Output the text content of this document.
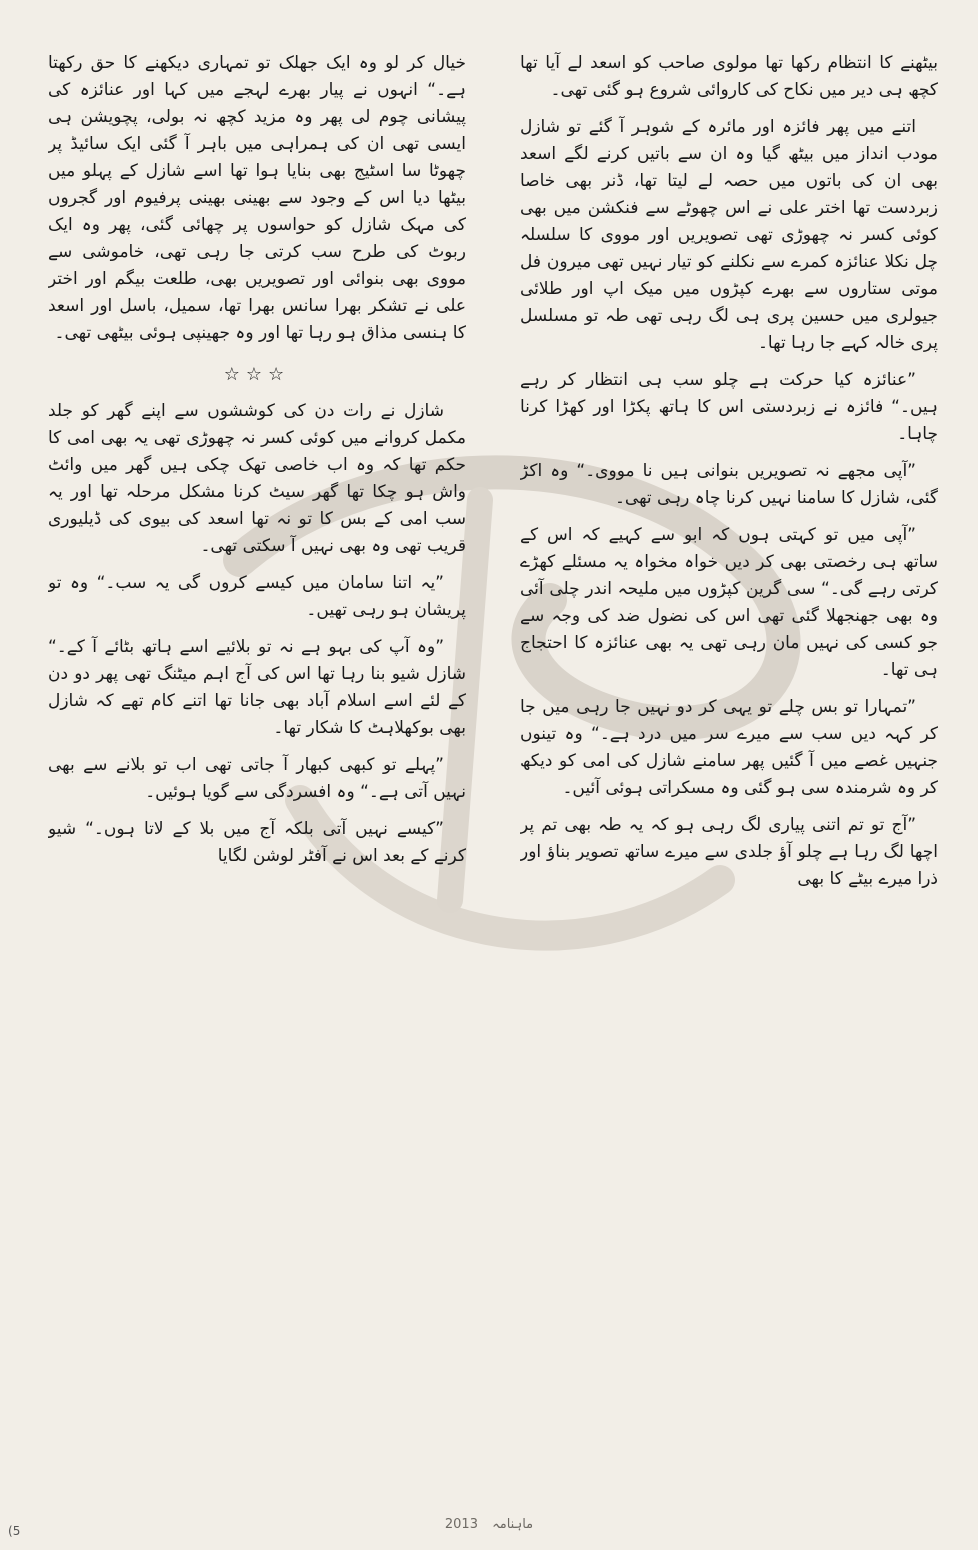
بیٹھنے کا انتظام رکھا تھا مولوی صاحب کو اسعد لے آیا تھا کچھ ہی دیر میں نکاح کی کاروائی شروع ہو گئی تھی۔

اتنے میں پھر فائزہ اور مائرہ کے شوہر آ گئے تو شازل مودب انداز میں بیٹھ گیا وہ ان سے باتیں کرنے لگے اسعد بھی ان کی باتوں میں حصہ لے لیتا تھا، ڈنر بھی خاصا زبردست تھا اختر علی نے اس چھوٹے سے فنکشن میں بھی کوئی کسر نہ چھوڑی تھی تصویریں اور مووی کا سلسلہ چل نکلا عنائزہ کمرے سے نکلنے کو تیار نہیں تھی میرون فل موتی ستاروں سے بھرے کپڑوں میں میک اپ اور طلائی جیولری میں حسین پری ہی لگ رہی تھی طہ تو مسلسل پری خالہ کہے جا رہا تھا۔

”عنائزہ کیا حرکت ہے چلو سب ہی انتظار کر رہے ہیں۔“ فائزہ نے زبردستی اس کا ہاتھ پکڑا اور کھڑا کرنا چاہا۔

”آپی مجھے نہ تصویریں بنوانی ہیں نا مووی۔“ وہ اکڑ گئی، شازل کا سامنا نہیں کرنا چاہ رہی تھی۔

”آپی میں تو کہتی ہوں کہ ابو سے کہیے کہ اس کے ساتھ ہی رخصتی بھی کر دیں خواہ مخواہ یہ مسئلے کھڑے کرتی رہے گی۔“ سی گرین کپڑوں میں ملیحہ اندر چلی آئی وہ بھی جھنجھلا گئی تھی اس کی نضول ضد کی وجہ سے جو کسی کی نہیں مان رہی تھی یہ بھی عنائزہ کا احتجاج ہی تھا۔

”تمہارا تو بس چلے تو یہی کر دو نہیں جا رہی میں جا کر کہہ دیں سب سے میرے سر میں درد ہے۔“ وہ تینوں جنہیں غصے میں آ گئیں پھر سامنے شازل کی امی کو دیکھ کر وہ شرمندہ سی ہو گئی وہ مسکراتی ہوئی آئیں۔

”آج تو تم اتنی پیاری لگ رہی ہو کہ یہ طہ بھی تم پر اچھا لگ رہا ہے چلو آؤ جلدی سے میرے ساتھ تصویر بناؤ اور ذرا میرے بیٹے کا بھی

خیال کر لو وہ ایک جھلک تو تمہاری دیکھنے کا حق رکھتا ہے۔“ انہوں نے پیار بھرے لہجے میں کہا اور عنائزہ کی پیشانی چوم لی پھر وہ مزید کچھ نہ بولی، پچویشن ہی ایسی تھی ان کی ہمراہی میں باہر آ گئی ایک سائیڈ پر چھوٹا سا اسٹیج بھی بنایا ہوا تھا اسے شازل کے پہلو میں بیٹھا دیا اس کے وجود سے بھینی بھینی پرفیوم اور گجروں کی مہک شازل کو حواسوں پر چھائی گئی، پھر وہ ایک ربوٹ کی طرح سب کرتی جا رہی تھی، خاموشی سے مووی بھی بنوائی اور تصویریں بھی، طلعت بیگم اور اختر علی نے تشکر بھرا سانس بھرا تھا، سمیل، باسل اور اسعد کا ہنسی مذاق ہو رہا تھا اور وہ جھینپی ہوئی بیٹھی تھی۔

☆☆☆

شازل نے رات دن کی کوششوں سے اپنے گھر کو جلد مکمل کروانے میں کوئی کسر نہ چھوڑی تھی یہ بھی امی کا حکم تھا کہ وہ اب خاصی تھک چکی ہیں گھر میں وائٹ واش ہو چکا تھا گھر سیٹ کرنا مشکل مرحلہ تھا اور یہ سب امی کے بس کا تو نہ تھا اسعد کی بیوی کی ڈیلیوری قریب تھی وہ بھی نہیں آ سکتی تھی۔

”یہ اتنا سامان میں کیسے کروں گی یہ سب۔“ وہ تو پریشان ہو رہی تھیں۔

”وہ آپ کی بہو ہے نہ تو بلائیے اسے ہاتھ بٹائے آ کے۔“ شازل شیو بنا رہا تھا اس کی آج اہم میٹنگ تھی پھر دو دن کے لئے اسے اسلام آباد بھی جانا تھا اتنے کام تھے کہ شازل بھی بوکھلاہٹ کا شکار تھا۔

”پہلے تو کبھی کبھار آ جاتی تھی اب تو بلانے سے بھی نہیں آتی ہے۔“ وہ افسردگی سے گویا ہوئیں۔

”کیسے نہیں آتی بلکہ آج میں بلا کے لاتا ہوں۔“ شیو کرنے کے بعد اس نے آفٹر لوشن لگایا

ماہنامہ 2013
5)
